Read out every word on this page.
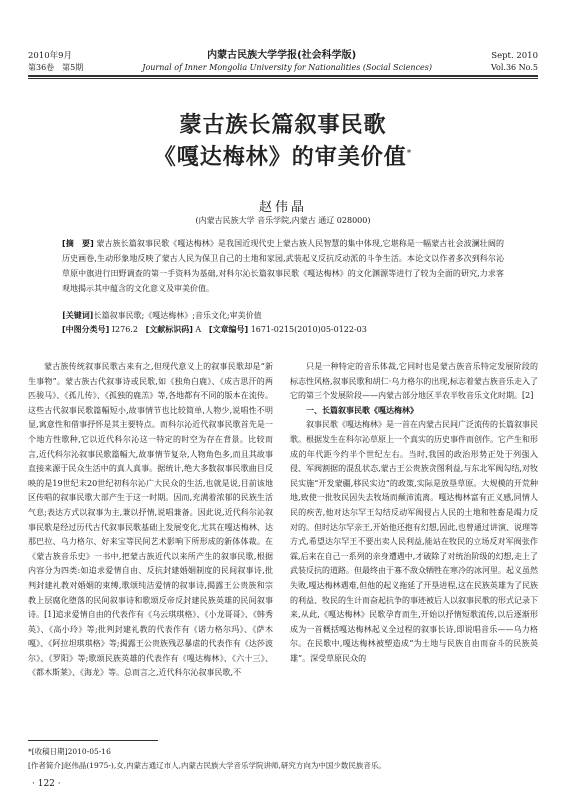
2010年9月	内蒙古民族大学学报(社会科学版)	Sept. 2010
第36卷　第5期	Journal of Inner Mongolia University for Nationalities (Social Sciences)	Vol.36 No.5
蒙古族长篇叙事民歌
《嘎达梅林》的审美价值*
赵伟晶
(内蒙古民族大学 音乐学院,内蒙古 通辽 028000)
[摘　要] 蒙古族长篇叙事民歌《嘎达梅林》是我国近现代史上蒙古族人民智慧的集中体现,它堪称是一幅蒙古社会波澜壮阔的历史画卷,生动形象地反映了蒙古人民为保卫自己的土地和家园,武装起义反抗反动派的斗争生活。本论文以作者多次到科尔沁草原中旗进行田野调查的第一手资料为基础,对科尔沁长篇叙事民歌《嘎达梅林》的文化渊源等进行了较为全面的研究,力求客观地揭示其中蕴含的文化意义及审美价值。
[关键词]长篇叙事民歌;《嘎达梅林》;音乐文化;审美价值
[中图分类号] I276.2 [文献标识码] A [文章编号] 1671-0215(2010)05-0122-03

蒙古族传统叙事民歌古来有之,但现代意义上的叙事民歌却是“新生事物”。蒙古族古代叙事诗或民歌,如《独角白鹿》、《成吉思汗的两匹骏马》、《孤儿传》、《孤独的鹿羔》等,各地都有不同的版本在流传。这些古代叙事民歌篇幅短小,故事情节也比较简单,人物少,说唱性不明显,寓意性和借事抒怀是其主要特点。而科尔沁近代叙事民歌首先是一个地方性歌种,它以近代科尔沁这一特定的时空为存在背景。比较而言,近代科尔沁叙事民歌篇幅大,故事情节复杂,人物角色多,而且其故事直接来源于民众生活中的真人真事。据统计,绝大多数叙事民歌曲目反映的是19世纪末20世纪初科尔沁广大民众的生活,也就是说,目前该地区传唱的叙事民歌大部产生于这一时期。因而,充满着浓郁的民族生活气息;表达方式以叙事为主,兼以抒情,说唱兼备。因此说,近代科尔沁叙事民歌是经过历代古代叙事民歌基础上发展变化,尤其在嘎达梅林、达那巴拉、乌力格尔、好来宝等民间艺术影响下所形成的新体体裁。在《蒙古族音乐史》一书中,把蒙古族近代以来所产生的叙事民歌,根据内容分为四类:如追求爱情自由、反抗封建婚姻制度的民间叙事诗,批判封建礼教对婚姻的束缚,歌颂纯洁爱情的叙事诗,揭露王公贵族和宗教上层腐化堕落的民间叙事诗和歌颂反帝反封建民族英雄的民间叙事诗。[1]追求爱情自由的代表作有《乌云琪琪格》、《小龙哥哥》、《韩秀英》、《高小玲》等;批判封建礼教的代表作有《诺力格尔玛》、《萨木嘎》、《阿拉坦琪琪格》等;揭露王公贵族残忍暴虐的代表作有《达莎波尔》、《罗阳》等;歌颂民族英雄的代表作有《嘎达梅林》、《六十三》、《都木斯莱》、《海龙》等。总而言之,近代科尔沁叙事民歌,不

只是一种特定的音乐体裁,它同时也是蒙古族音乐特定发展阶段的标志性风格,叙事民歌和胡仁·乌力格尔的出现,标志着蒙古族音乐走入了它的第三个发展阶段——内蒙古部分地区半农半牧音乐文化时期。[2]

一、长篇叙事民歌《嘎达梅林》

叙事民歌《嘎达梅林》是一首在内蒙古民间广泛流传的长篇叙事民歌。根据发生在科尔沁草原上一个真实的历史事件而创作。它产生和形成的年代距今约半个世纪左右。当时,我国的政治形势正处于列强入侵、军阀割据的混乱状态,蒙古王公贵族贪图利益,与东北军阀勾结,对牧民实施“开发蒙疆,移民实边”的政策,实际是放垦草原。大规模的开荒种地,致使一批牧民因失去牧场而颠沛流离。嘎达梅林富有正义感,同情人民的疾苦,他对达尔罕王勾结反动军阀侵占人民的土地和牲畜是竭力反对的。但时达尔罕亲王,开始他还抱有幻想,因此,也曾通过讲演、说理等方式,希望达尔罕王不要出卖人民利益,能站在牧民的立场反对军阀张作霖,后来在自己一系列的亲身遭遇中,才破除了对统治阶级的幻想,走上了武装反抗的道路。但最终由于寡不敌众牺牲在寒冷的冰河里。起义虽然失败,嘎达梅林遇难,但他的起义拖延了开垦进程,这在民族英雄为了民族的利益、牧民的生计而奋起抗争的事迹被后人以叙事民歌的形式记录下来,从此,《嘎达梅林》民歌孕育而生,开始以抒情短歌流传,以后逐渐形成为一首概括嘎达梅林起义全过程的叙事长诗,即说唱音乐——乌力格尔。在民歌中,嘎达梅林被塑造成“为土地与民族自由而奋斗的民族英雄”。深受草原民众的

*[收稿日期]2010-05-16
[作者简介]赵伟晶(1975-),女,内蒙古通辽市人,内蒙古民族大学音乐学院讲师,研究方向为中国少数民族音乐。
· 122 ·
